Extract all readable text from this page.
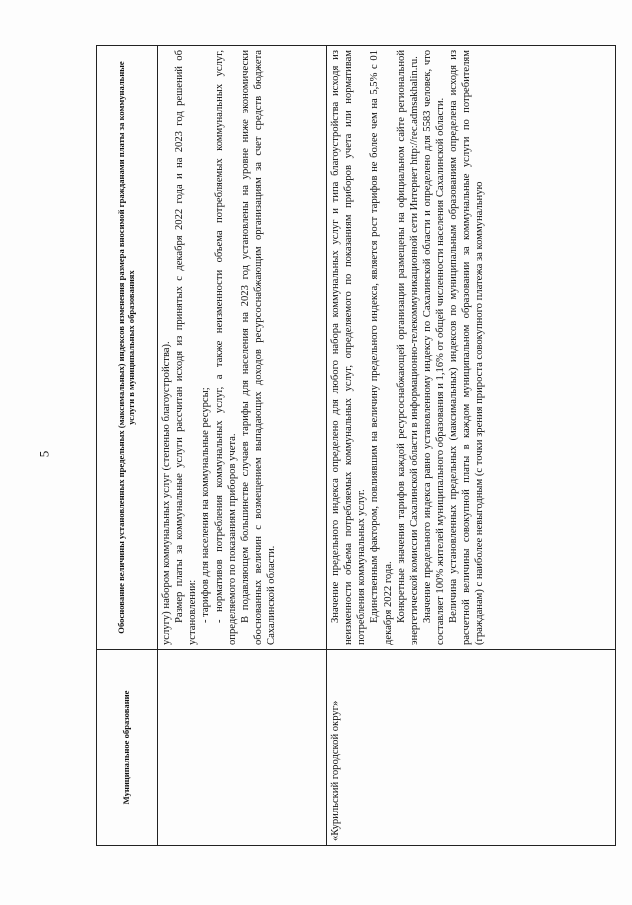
5
Муниципальное образование	Обоснование величины установленных предельных (максимальных) индексов изменения размера вносимой гражданами платы за коммунальные услуги в муниципальных образованиях

	услугу) набором коммунальных услуг (степенью благоустройства). Размер платы за коммунальные услуги рассчитан исходя из принятых с декабря 2022 года и на 2023 год решений об установлении: - тарифов для населения на коммунальные ресурсы; - нормативов потребления коммунальных услуг, а также неизменности объема потребляемых коммунальных услуг, определяемого по показаниям приборов учета. В подавляющем большинстве случаев тарифы для населения на 2023 год установлены на уровне ниже экономически обоснованных величин с возмещением выпадающих доходов ресурсоснабжающим организациям за счет средств бюджета Сахалинской области.

«Курильский городской округ»	Значение предельного индекса определено для любого набора коммунальных услуг и типа благоустройства исходя из неизменности объема потребляемых коммунальных услуг, определяемого по показаниям приборов учета или нормативам потребления коммунальных услуг. Единственным фактором, повлиявшим на величину предельного индекса, является рост тарифов не более чем на 5,5% с 01 декабря 2022 года. Конкретные значения тарифов каждой ресурсоснабжающей организации размещены на официальном сайте региональной энергетической комиссии Сахалинской области в информационно-телекоммуникационной сети Интернет http://rec.admsakhalin.ru. Значение предельного индекса равно установленному индексу по Сахалинской области и определено для 5583 человек, что составляет 100% жителей муниципального образования и 1,16% от общей численности населения Сахалинской области. Величина установленных предельных (максимальных) индексов по муниципальным образованиям определена исходя из расчетной величины совокупной платы в каждом муниципальном образовании за коммунальные услуги по потребителям (гражданам) с наиболее невыгодным (с точки зрения прироста совокупного платежа за коммунальную
